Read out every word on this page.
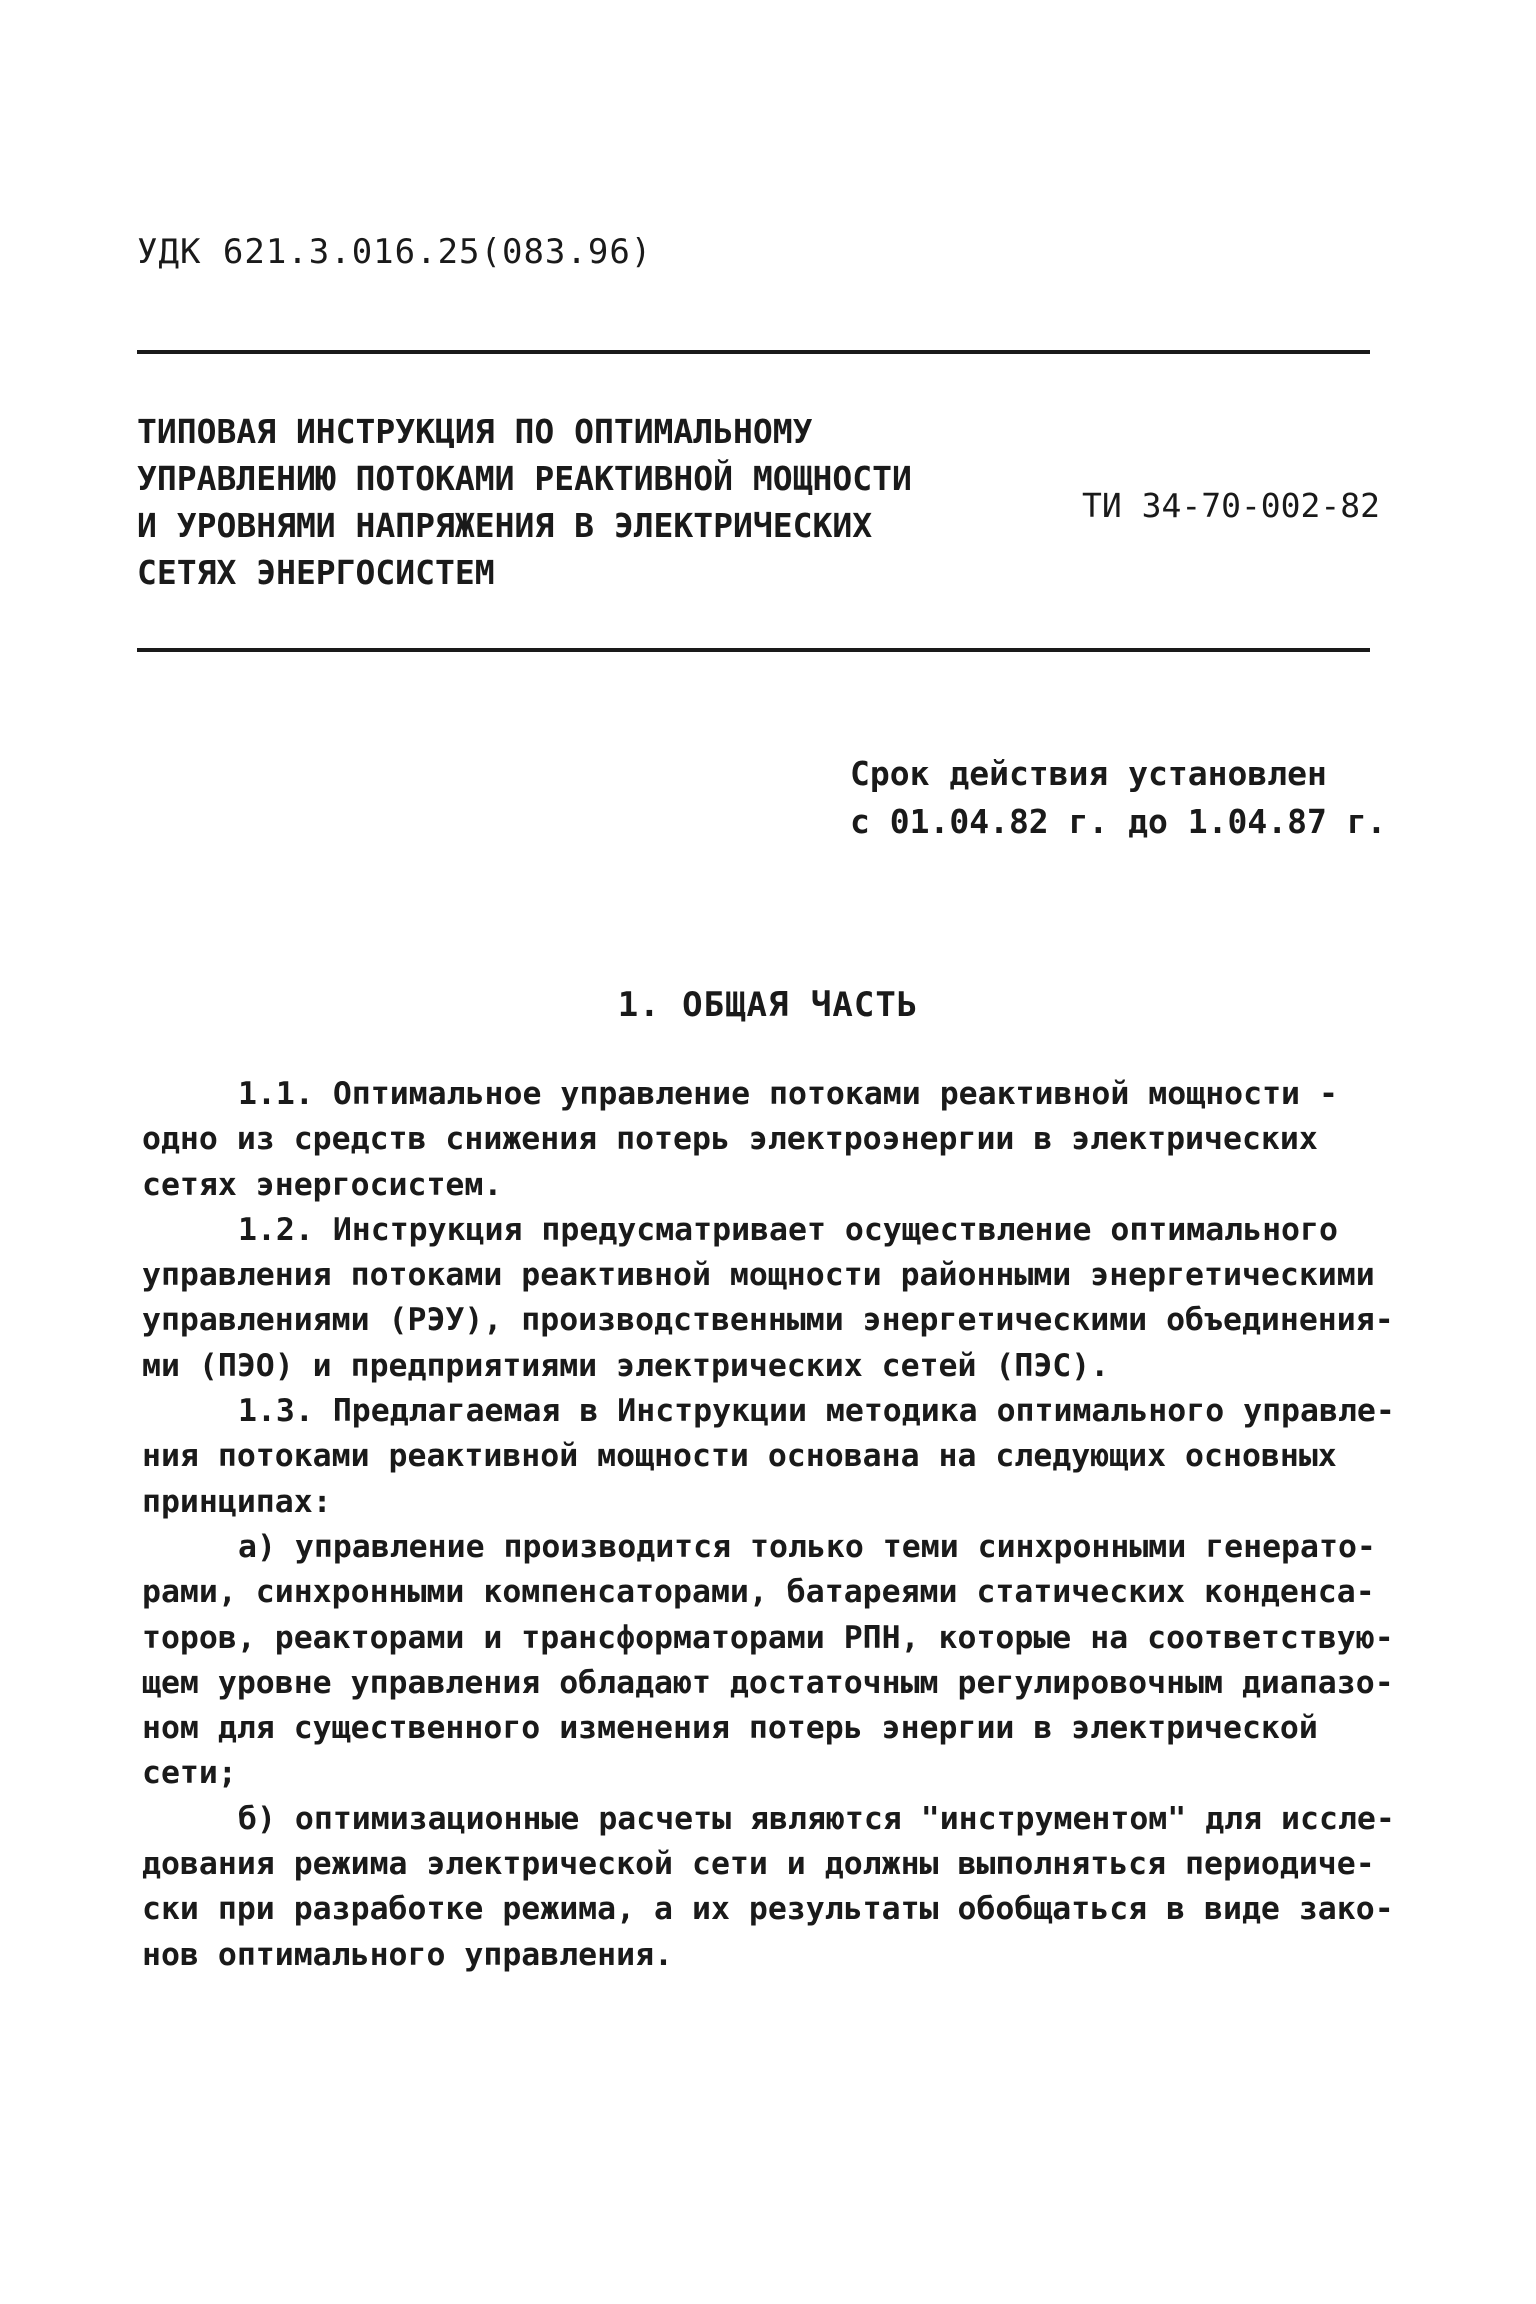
УДК 621.3.016.25(083.96)
ТИПОВАЯ ИНСТРУКЦИЯ ПО ОПТИМАЛЬНОМУ
УПРАВЛЕНИЮ ПОТОКАМИ РЕАКТИВНОЙ МОЩНОСТИ
И УРОВНЯМИ НАПРЯЖЕНИЯ В ЭЛЕКТРИЧЕСКИХ
СЕТЯХ ЭНЕРГОСИСТЕМ
ТИ 34-70-002-82
Срок действия установлен
с 01.04.82 г. до 1.04.87 г.
1. ОБЩАЯ ЧАСТЬ
1.1. Оптимальное управление потоками реактивной мощности -
одно из средств снижения потерь электроэнергии в электрических
сетях энергосистем.
1.2. Инструкция предусматривает осуществление оптимального
управления потоками реактивной мощности районными энергетическими
управлениями (РЭУ), производственными энергетическими объединения-
ми (ПЭО) и предприятиями электрических сетей (ПЭС).
1.3. Предлагаемая в Инструкции методика оптимального управле-
ния потоками реактивной мощности основана на следующих основных
принципах:
а) управление производится только теми синхронными генерато-
рами, синхронными компенсаторами, батареями статических конденса-
торов, реакторами и трансформаторами РПН, которые на соответствую-
щем уровне управления обладают достаточным регулировочным диапазо-
ном для существенного изменения потерь энергии в электрической
сети;
б) оптимизационные расчеты являются "инструментом" для иссле-
дования режима электрической сети и должны выполняться периодиче-
ски при разработке режима, а их результаты обобщаться в виде зако-
нов оптимального управления.
